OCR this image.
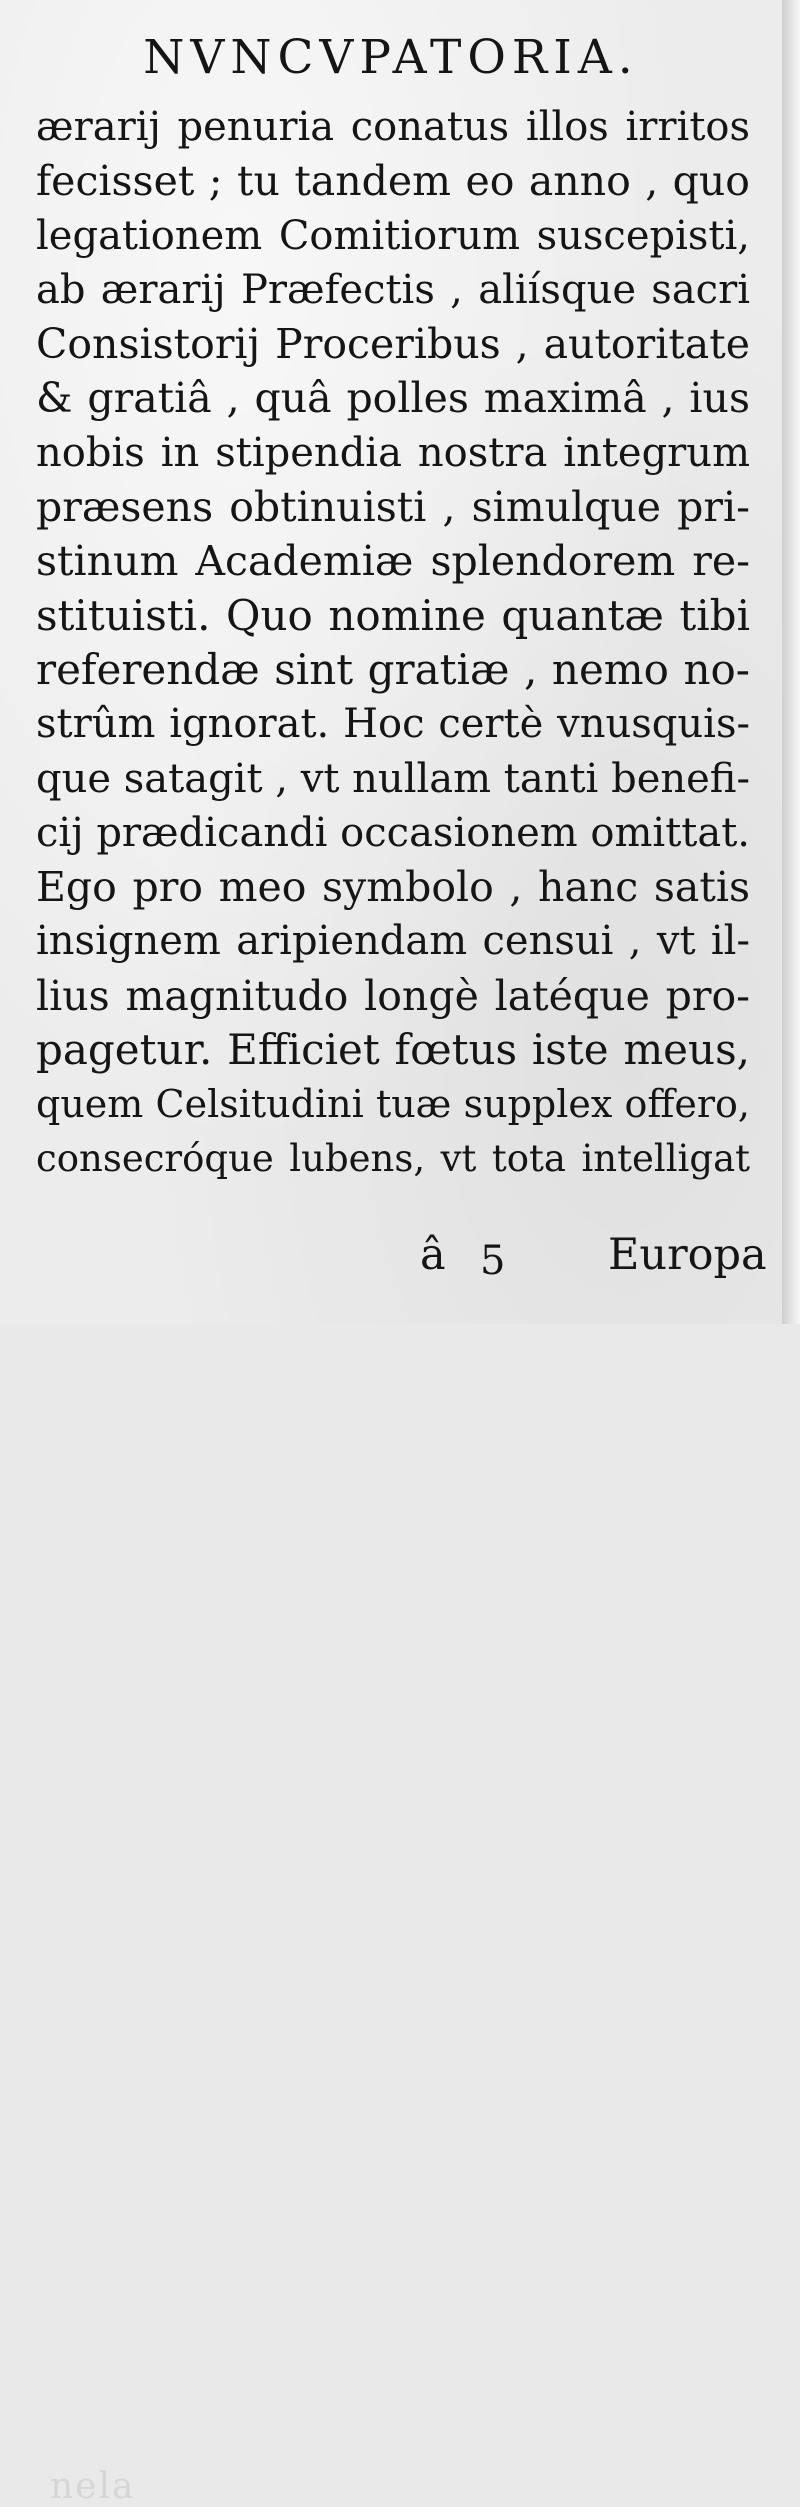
NVNCVPATORIA.
ærarij penuria conatus illos irritos
fecisset ; tu tandem eo anno , quo
legationem Comitiorum suscepisti,
ab ærarij Præfectis , aliísque sacri
Consistorij Proceribus , autoritate
& gratiâ , quâ polles maximâ , ius
nobis in stipendia nostra integrum
præsens obtinuisti , simulque pri-
stinum Academiæ splendorem re-
stituisti. Quo nomine quantæ tibi
referendæ sint gratiæ , nemo no-
strûm ignorat. Hoc certè vnusquis-
que satagit , vt nullam tanti benefi-
cij prædicandi occasionem omittat.
Ego pro meo symbolo , hanc satis
insignem aripiendam censui , vt il-
lius magnitudo longè latéque pro-
pagetur. Efficiet fœtus iste meus,
quem Celsitudini tuæ supplex offero,
consecróque lubens, vt tota intelligat
nela
â 5 Europa
